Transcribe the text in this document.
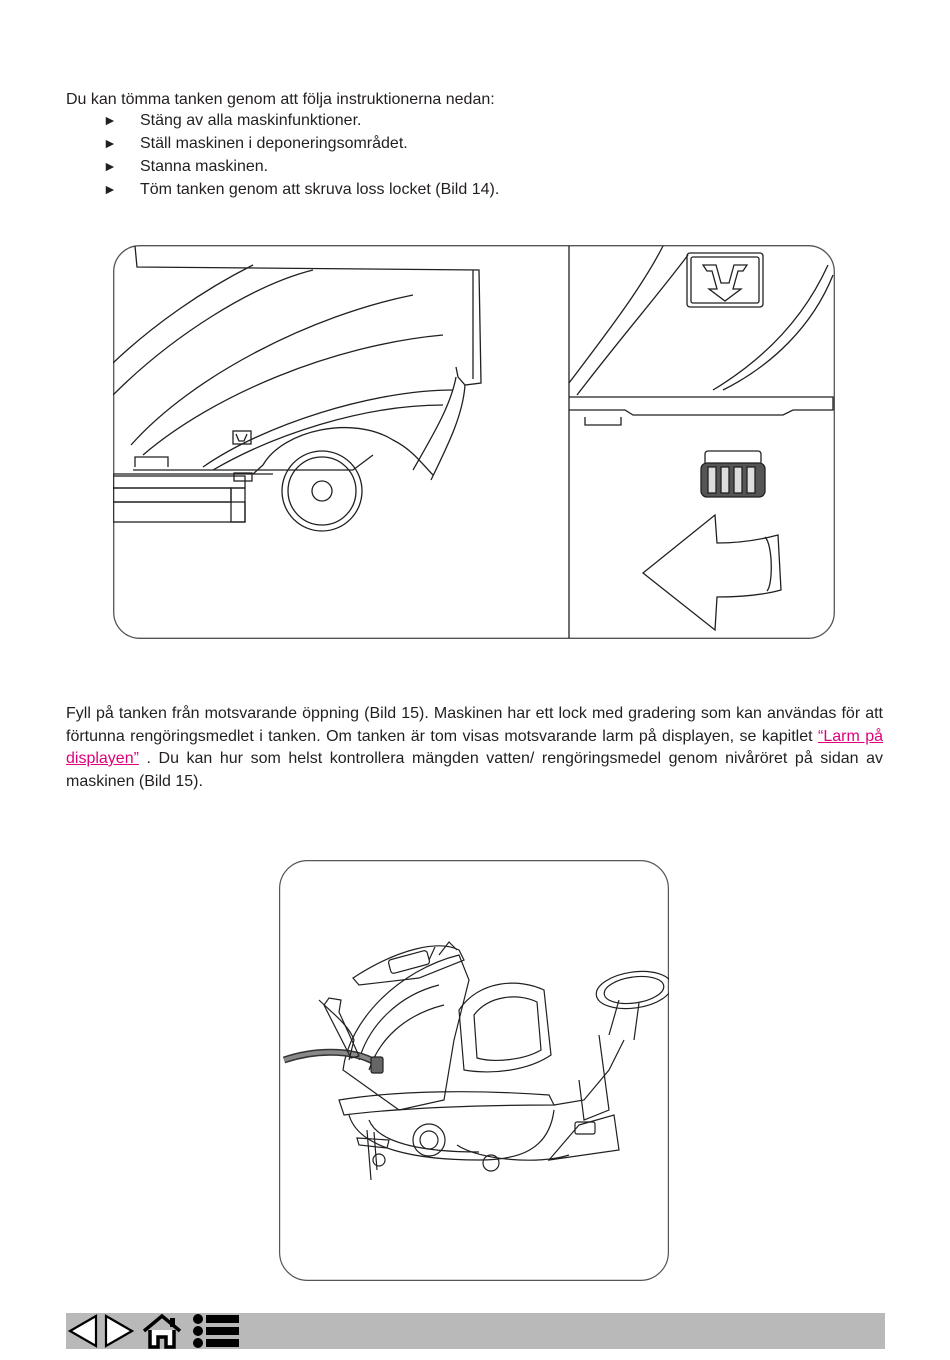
Du kan tömma tanken genom att följa instruktionerna nedan:
►	Stäng av alla maskinfunktioner.
►	Ställ maskinen i deponeringsområdet.
►	Stanna maskinen.
►	Töm tanken genom att skruva loss locket (Bild 14).

Fyll på tanken från motsvarande öppning (Bild 15). Maskinen har ett lock med gradering som kan användas för att förtunna rengöringsmedlet i tanken. Om tanken är tom visas motsvarande larm på displayen, se kapitlet “Larm på displayen” . Du kan hur som helst kontrollera mängden vatten/ rengöringsmedel genom nivåröret på sidan av maskinen (Bild 15).
